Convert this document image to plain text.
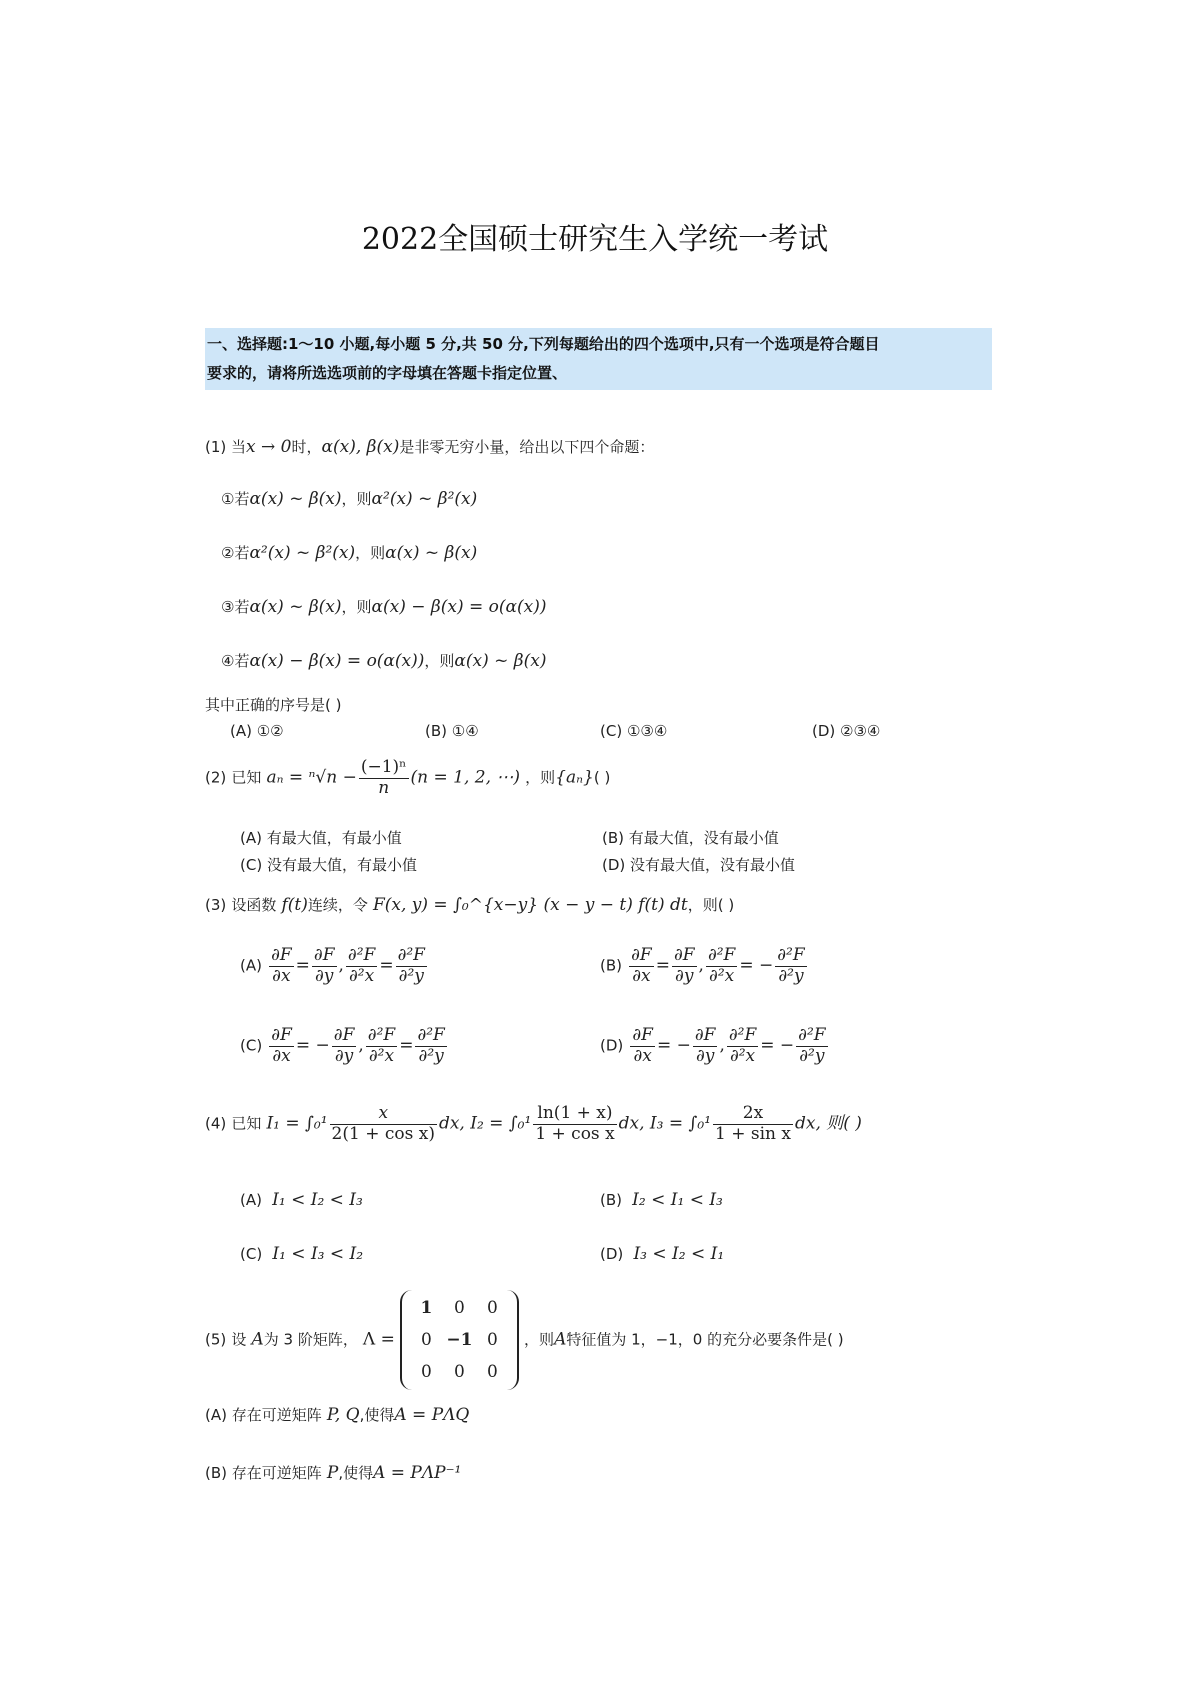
2022全国硕士研究生入学统一考试
一、选择题:1～10 小题,每小题 5 分,共 50 分,下列每题给出的四个选项中,只有一个选项是符合题目
要求的，请将所选选项前的字母填在答题卡指定位置、
(1) 当x → 0时，α(x), β(x)是非零无穷小量，给出以下四个命题：
①若α(x) ~ β(x)，则α²(x) ~ β²(x)
②若α²(x) ~ β²(x)，则α(x) ~ β(x)
③若α(x) ~ β(x)，则α(x) − β(x) = o(α(x))
④若α(x) − β(x) = o(α(x))，则α(x) ~ β(x)
其中正确的序号是( )
(A) ①②	(B) ①④	(C) ①③④	(D) ②③④
(2) 已知 $a_n = ^n√n - \frac{\text{(−1)ⁿ}}{n} (n = 1$, 2, ⋯) ，则{aₙ}( )
(A) 有最大值，有最小值	(B) 有最大值，没有最小值
(C) 没有最大值，有最小值	(D) 没有最大值，没有最小值
(3) 设函数 f(t)连续，令 F(x, y) = ∫₀^{x−y} (x − y − t) f(t) dt，则( )
$(A) \frac{\partial F}{\partial x} = \frac{\partial F}{\partial y}$ , $\frac{\text{∂²F}}{\text{∂²x}} = \frac{\text{∂²F}}{\text{∂²y}}$	$(B) \frac{\partial F}{\partial x} = \frac{\partial F}{\partial y}$ , $\frac{\text{∂²F}}{\text{∂²x}}$ = − $\frac{\text{∂²F}}{\text{∂²y}}$
$(C) \frac{\partial F}{\partial x}$ = − $\frac{\partial F}{\partial y}$ , $\frac{\text{∂²F}}{\text{∂²x}} = \frac{\text{∂²F}}{\text{∂²y}}$	$(D) \frac{\partial F}{\partial x}$ = − $\frac{\partial F}{\partial y}$ , $\frac{\text{∂²F}}{\text{∂²x}}$ = − $\frac{\text{∂²F}}{\text{∂²y}}$
(4) 已知 $I_1 = \int_0^1 \frac{x}{\text{2(1 + cos x)}}$ dx, $I_2 = \int_0^1 \frac{\ln(1 + x)}{\text{1 + cos x}}$ dx, $I_3 = \int_0^1 \frac{2x}{\text{1 + sin x}}$ dx, 则( )
(A) I₁ < I₂ < I₃	(B) I₂ < I₁ < I₃
(C) I₁ < I₃ < I₂	(D) I₃ < I₂ < I₁
(5) 设 A为 3 阶矩阵， Λ =
1	0	0
0	−1	0
0	0	0
，则A特征值为 1，−1，0 的充分必要条件是( )
(A) 存在可逆矩阵 P, Q,使得A = PΛQ
(B) 存在可逆矩阵 P,使得A = PΛP⁻¹
